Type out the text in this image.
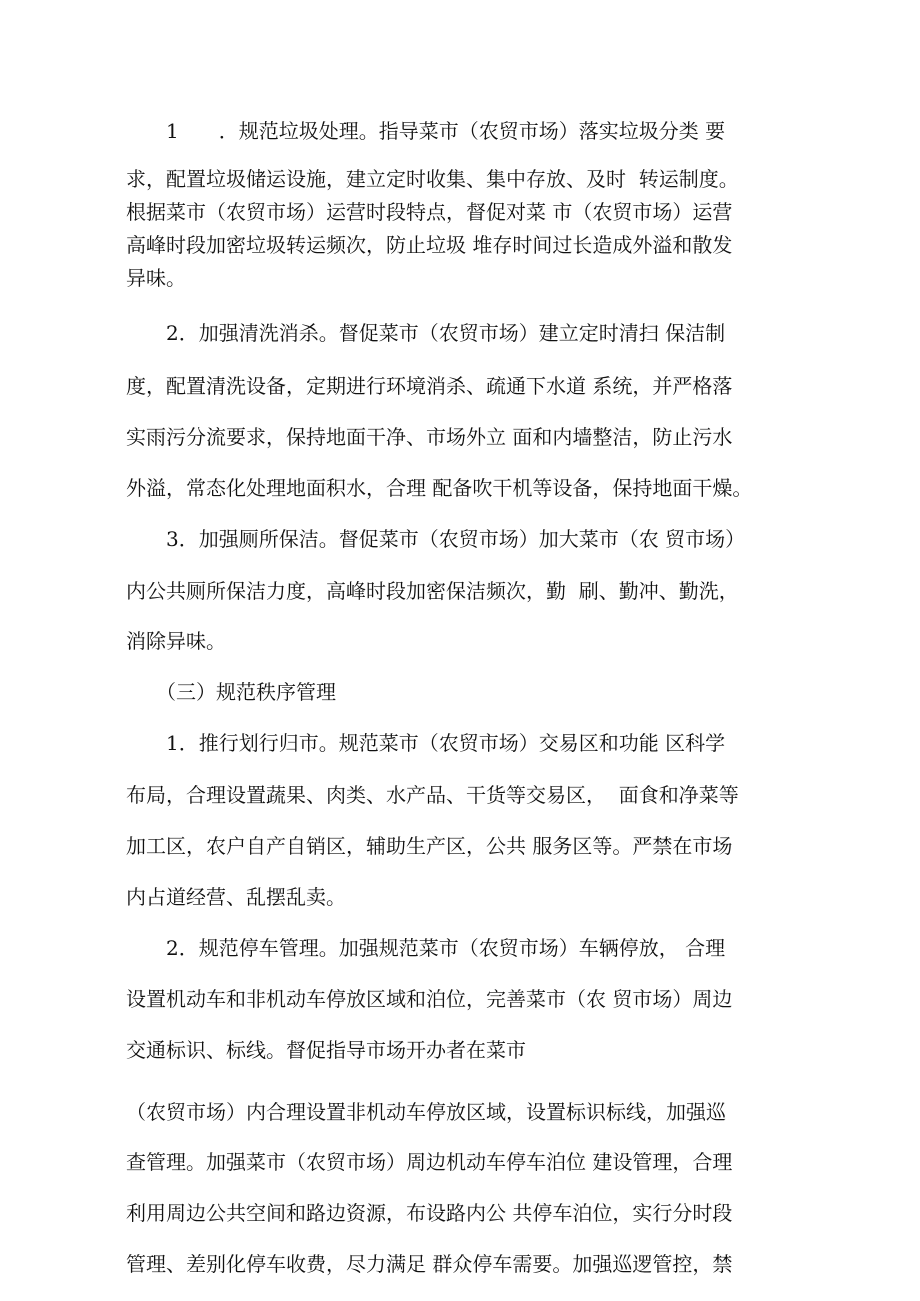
　　1　　．规范垃圾处理。指导菜市（农贸市场）落实垃圾分类 要
求，配置垃圾储运设施，建立定时收集、集中存放、及时  转运制度。
根据菜市（农贸市场）运营时段特点，督促对菜 市（农贸市场）运营
高峰时段加密垃圾转运频次，防止垃圾 堆存时间过长造成外溢和散发
异味。
　　2．加强清洗消杀。督促菜市（农贸市场）建立定时清扫 保洁制
度，配置清洗设备，定期进行环境消杀、疏通下水道 系统，并严格落
实雨污分流要求，保持地面干净、市场外立 面和内墙整洁，防止污水
外溢，常态化处理地面积水，合理 配备吹干机等设备，保持地面干燥。
　　3．加强厕所保洁。督促菜市（农贸市场）加大菜市（农 贸市场）
内公共厕所保洁力度，高峰时段加密保洁频次，勤  刷、勤冲、勤洗，
消除异味。
　　（三）规范秩序管理
　　1．推行划行归市。规范菜市（农贸市场）交易区和功能 区科学
布局，合理设置蔬果、肉类、水产品、干货等交易区，  面食和净菜等
加工区，农户自产自销区，辅助生产区，公共 服务区等。严禁在市场
内占道经营、乱摆乱卖。
　　2．规范停车管理。加强规范菜市（农贸市场）车辆停放， 合理
设置机动车和非机动车停放区域和泊位，完善菜市（农 贸市场）周边
交通标识、标线。督促指导市场开办者在菜市
（农贸市场）内合理设置非机动车停放区域，设置标识标线，加强巡
查管理。加强菜市（农贸市场）周边机动车停车泊位 建设管理，合理
利用周边公共空间和路边资源，布设路内公 共停车泊位，实行分时段
管理、差别化停车收费，尽力满足 群众停车需要。加强巡逻管控，禁
